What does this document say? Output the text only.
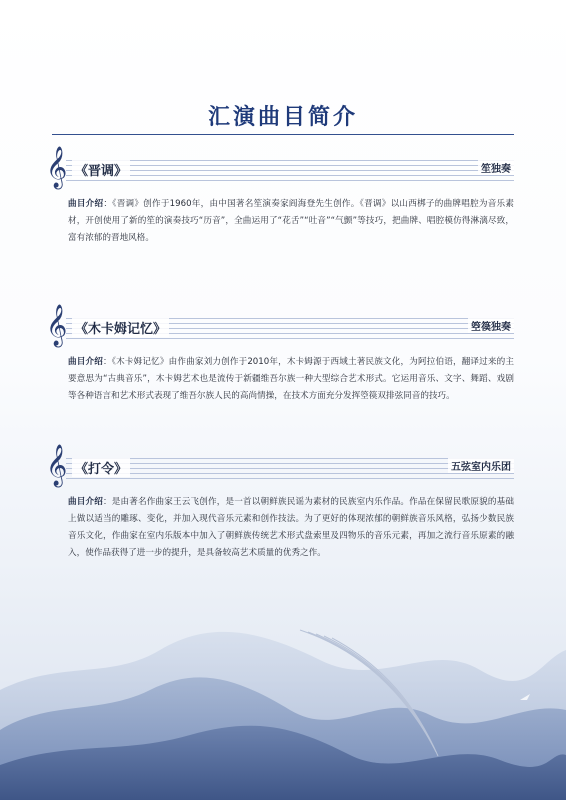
汇演曲目简介
𝄞 《晋调》	笙独奏
曲目介绍：《晋调》创作于1960年，由中国著名笙演奏家阎海登先生创作。《晋调》以山西梆子的曲牌唱腔为音乐素材，开创使用了新的笙的演奏技巧“历音”，全曲运用了“花舌”“吐音”“气颤”等技巧，把曲牌、唱腔模仿得淋漓尽致，富有浓郁的晋地风格。
𝄞 《木卡姆记忆》	箜篌独奏
曲目介绍：《木卡姆记忆》由作曲家刘力创作于2010年，木卡姆源于西域土著民族文化，为阿拉伯语，翻译过来的主要意思为“古典音乐”，木卡姆艺术也是流传于新疆维吾尔族一种大型综合艺术形式。它运用音乐、文字、舞蹈、戏剧等各种语言和艺术形式表现了维吾尔族人民的高尚情操，在技术方面充分发挥箜篌双排弦同音的技巧。
𝄞 《打令》	五弦室内乐团
曲目介绍：是由著名作曲家王云飞创作，是一首以朝鲜族民谣为素材的民族室内乐作品。作品在保留民歌原貌的基础上做以适当的雕琢、变化，并加入现代音乐元素和创作技法。为了更好的体现浓郁的朝鲜族音乐风格，弘扬少数民族音乐文化，作曲家在室内乐版本中加入了朝鲜族传统艺术形式盘索里及四物乐的音乐元素，再加之流行音乐原素的融入，使作品获得了进一步的提升，是具备较高艺术质量的优秀之作。
